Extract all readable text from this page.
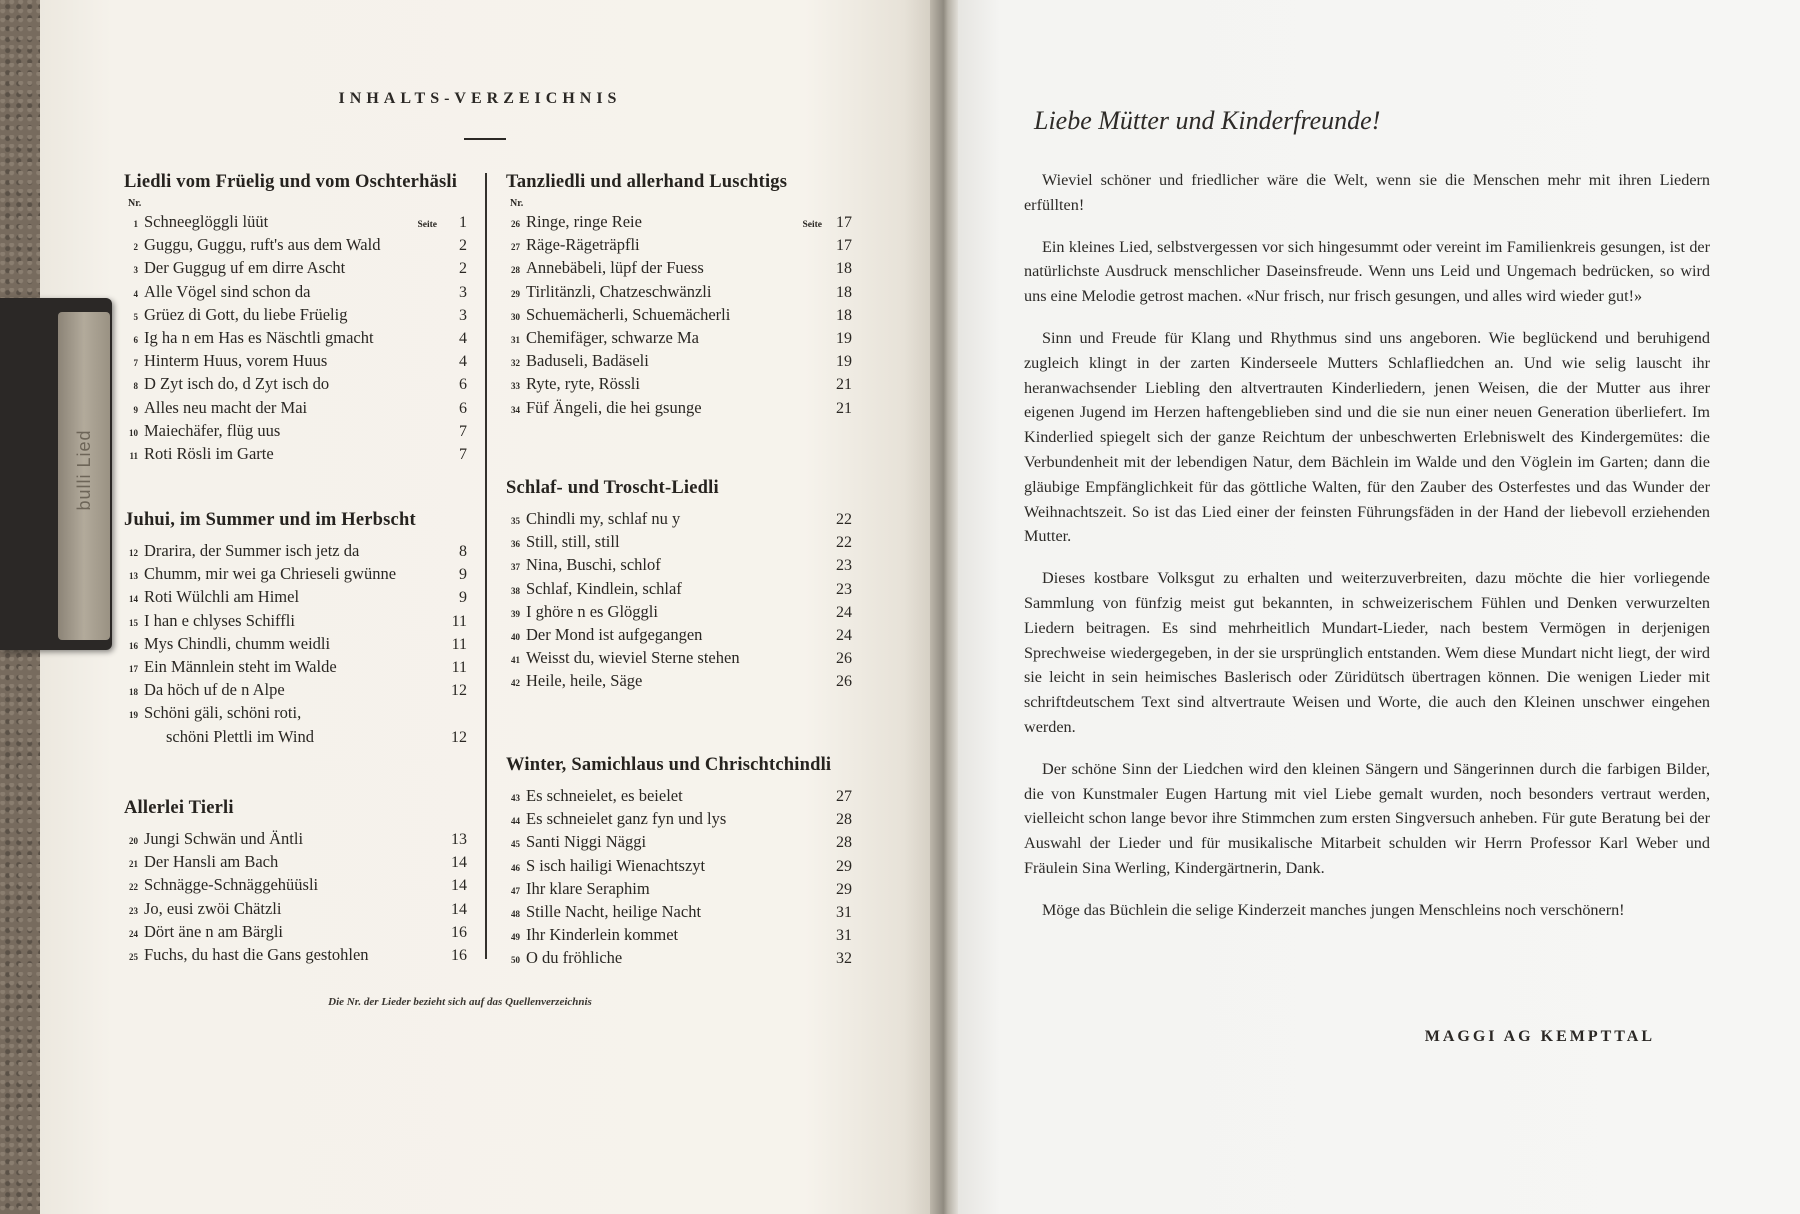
bulli Lied
INHALTS-VERZEICHNIS
Liedli vom Früelig und vom Oschterhäsli
Nr.
1 Schneeglöggli lüüt	Seite	1
2 Guggu, Guggu, ruft's aus dem Wald	2
3 Der Guggug uf em dirre Ascht	2
4 Alle Vögel sind schon da	3
5 Grüez di Gott, du liebe Früelig	3
6 Ig ha n em Has es Näschtli gmacht	4
7 Hinterm Huus, vorem Huus	4
8 D Zyt isch do, d Zyt isch do	6
9 Alles neu macht der Mai	6
10 Maiechäfer, flüg uus	7
11 Roti Rösli im Garte	7
Juhui, im Summer und im Herbscht
12 Drarira, der Summer isch jetz da	8
13 Chumm, mir wei ga Chrieseli gwünne	9
14 Roti Wülchli am Himel	9
15 I han e chlyses Schiffli	11
16 Mys Chindli, chumm weidli	11
17 Ein Männlein steht im Walde	11
18 Da höch uf de n Alpe	12
19 Schöni gäli, schöni roti,
schöni Plettli im Wind	12
Allerlei Tierli
20 Jungi Schwän und Äntli	13
21 Der Hansli am Bach	14
22 Schnägge-Schnäggehüüsli	14
23 Jo, eusi zwöi Chätzli	14
24 Dört äne n am Bärgli	16
25 Fuchs, du hast die Gans gestohlen	16
Tanzliedli und allerhand Luschtigs
Nr.
26 Ringe, ringe Reie	Seite 17
27 Räge-Rägeträpfli	17
28 Annebäbeli, lüpf der Fuess	18
29 Tirlitänzli, Chatzeschwänzli	18
30 Schuemächerli, Schuemächerli	18
31 Chemifäger, schwarze Ma	19
32 Baduseli, Badäseli	19
33 Ryte, ryte, Rössli	21
34 Füf Ängeli, die hei gsunge	21
Schlaf- und Troscht-Liedli
35 Chindli my, schlaf nu y	22
36 Still, still, still	22
37 Nina, Buschi, schlof	23
38 Schlaf, Kindlein, schlaf	23
39 I ghöre n es Glöggli	24
40 Der Mond ist aufgegangen	24
41 Weisst du, wieviel Sterne stehen	26
42 Heile, heile, Säge	26
Winter, Samichlaus und Chrischtchindli
43 Es schneielet, es beielet	27
44 Es schneielet ganz fyn und lys	28
45 Santi Niggi Näggi	28
46 S isch hailigi Wienachtszyt	29
47 Ihr klare Seraphim	29
48 Stille Nacht, heilige Nacht	31
49 Ihr Kinderlein kommet	31
50 O du fröhliche	32
Die Nr. der Lieder bezieht sich auf das Quellenverzeichnis
Liebe Mütter und Kinderfreunde!

Wieviel schöner und friedlicher wäre die Welt, wenn sie die Menschen mehr mit ihren Liedern erfüllten!

Ein kleines Lied, selbstvergessen vor sich hingesummt oder vereint im Familienkreis gesungen, ist der natürlichste Ausdruck menschlicher Daseinsfreude. Wenn uns Leid und Ungemach bedrücken, so wird uns eine Melodie getrost machen. «Nur frisch, nur frisch gesungen, und alles wird wieder gut!»

Sinn und Freude für Klang und Rhythmus sind uns angeboren. Wie beglückend und beruhigend zugleich klingt in der zarten Kinderseele Mutters Schlafliedchen an. Und wie selig lauscht ihr heranwachsender Liebling den altvertrauten Kinderliedern, jenen Weisen, die der Mutter aus ihrer eigenen Jugend im Herzen haftengeblieben sind und die sie nun einer neuen Generation überliefert. Im Kinderlied spiegelt sich der ganze Reichtum der unbeschwerten Erlebniswelt des Kindergemütes: die Verbundenheit mit der lebendigen Natur, dem Bächlein im Walde und den Vöglein im Garten; dann die gläubige Empfänglichkeit für das göttliche Walten, für den Zauber des Osterfestes und das Wunder der Weihnachtszeit. So ist das Lied einer der feinsten Führungsfäden in der Hand der liebevoll erziehenden Mutter.

Dieses kostbare Volksgut zu erhalten und weiterzuverbreiten, dazu möchte die hier vorliegende Sammlung von fünfzig meist gut bekannten, in schweizerischem Fühlen und Denken verwurzelten Liedern beitragen. Es sind mehrheitlich Mundart-Lieder, nach bestem Vermögen in derjenigen Sprechweise wiedergegeben, in der sie ursprünglich entstanden. Wem diese Mundart nicht liegt, der wird sie leicht in sein heimisches Baslerisch oder Züridütsch übertragen können. Die wenigen Lieder mit schriftdeutschem Text sind altvertraute Weisen und Worte, die auch den Kleinen unschwer eingehen werden.

Der schöne Sinn der Liedchen wird den kleinen Sängern und Sängerinnen durch die farbigen Bilder, die von Kunstmaler Eugen Hartung mit viel Liebe gemalt wurden, noch besonders vertraut werden, vielleicht schon lange bevor ihre Stimmchen zum ersten Singversuch anheben. Für gute Beratung bei der Auswahl der Lieder und für musikalische Mitarbeit schulden wir Herrn Professor Karl Weber und Fräulein Sina Werling, Kindergärtnerin, Dank.

Möge das Büchlein die selige Kinderzeit manches jungen Menschleins noch verschönern!

MAGGI AG KEMPTTAL
